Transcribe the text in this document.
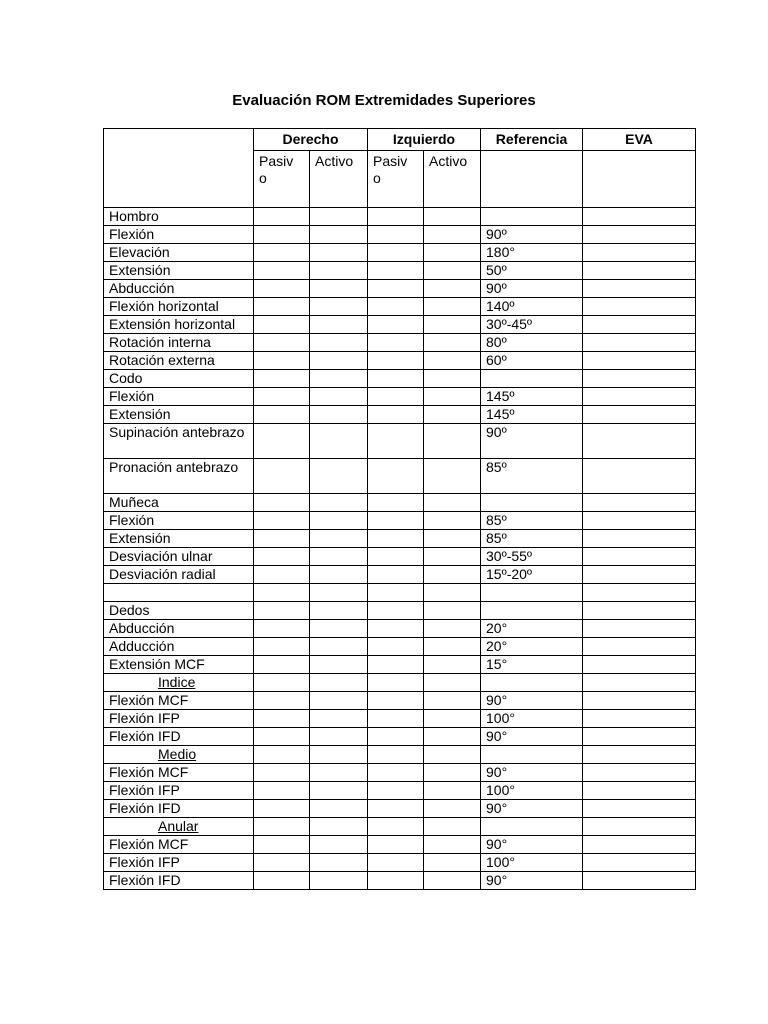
Evaluación ROM Extremidades Superiores
	Derecho		Izquierdo		Referencia	EVA
	Pasiv o	Activo	Pasiv o	Activo		
Hombro						
Flexión					90º	
Elevación					180°	
Extensión					50º	
Abducción					90º	
Flexión horizontal					140º	
Extensión horizontal					30º-45º	
Rotación interna					80º	
Rotación externa					60º	
Codo						
Flexión					145º	
Extensión					145º	
Supinación antebrazo					90º	
Pronación antebrazo					85º	
Muñeca						
Flexión					85º	
Extensión					85º	
Desviación ulnar					30º-55º	
Desviación radial					15º-20º	

Dedos						
Abducción					20°	
Adducción					20°	
Extensión MCF					15°	
Indice						
Flexión MCF					90°	
Flexión IFP					100°	
Flexión IFD					90°	
Medio						
Flexión MCF					90°	
Flexión IFP					100°	
Flexión IFD					90°	
Anular						
Flexión MCF					90°	
Flexión IFP					100°	
Flexión IFD					90°	
